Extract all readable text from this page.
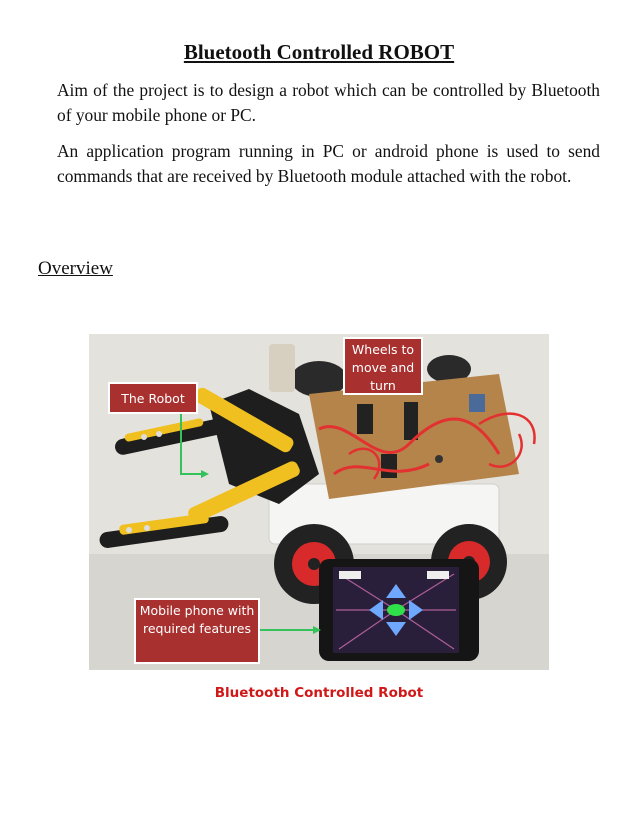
Bluetooth Controlled ROBOT
Aim of the project is to design a robot which can be controlled by Bluetooth of your mobile phone or PC.
An application program running in PC or android phone is used to send commands that are received by Bluetooth module attached with the robot.
Overview
The Robot
Wheels to move and turn
Mobile phone with required features
Bluetooth Controlled Robot
